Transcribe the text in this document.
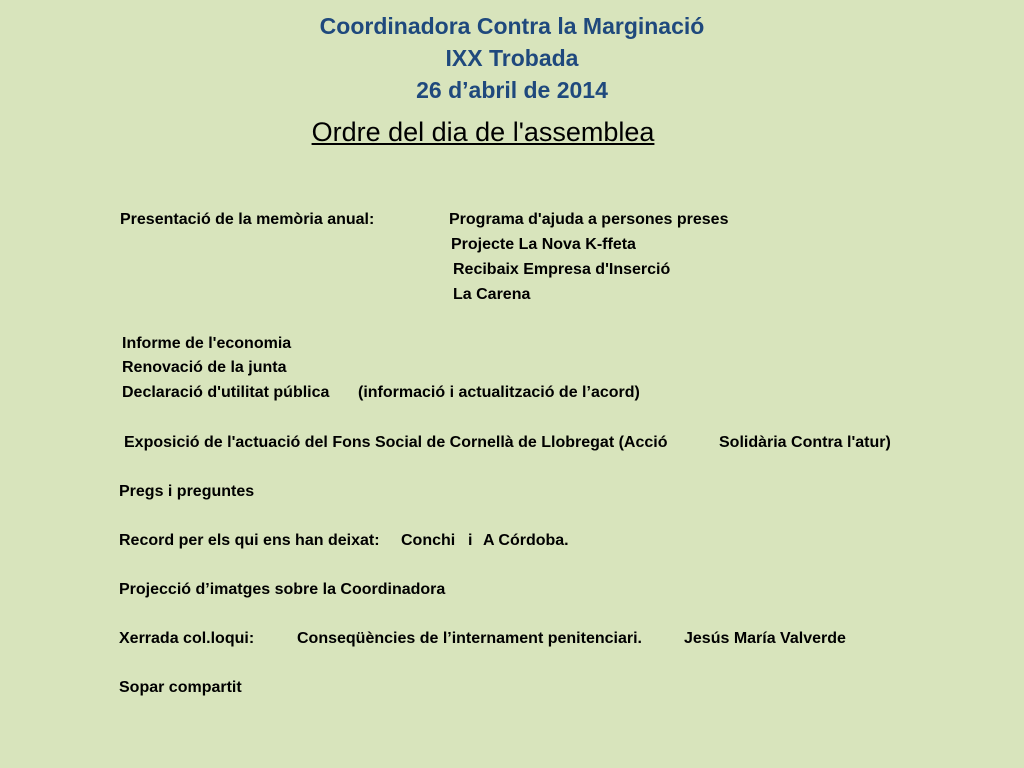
Coordinadora Contra la Marginació
IXX Trobada
26 d’abril de 2014
Ordre del dia de l'assemblea
Presentació de la memòria anual:	Programa d'ajuda a persones preses
Projecte La Nova K-ffeta
Recibaix Empresa d'Inserció
La Carena
Informe de l'economia
Renovació de la junta
Declaració d'utilitat pública (informació i actualització de l’acord)
Exposició de l'actuació del Fons Social de Cornellà de Llobregat (Acció	Solidària Contra l'atur)
Pregs i preguntes
Record per els qui ens han deixat: Conchi i A Córdoba.
Projecció d’imatges sobre la Coordinadora
Xerrada col.loqui:	Conseqüències de l’internament penitenciari.	Jesús María Valverde
Sopar compartit
